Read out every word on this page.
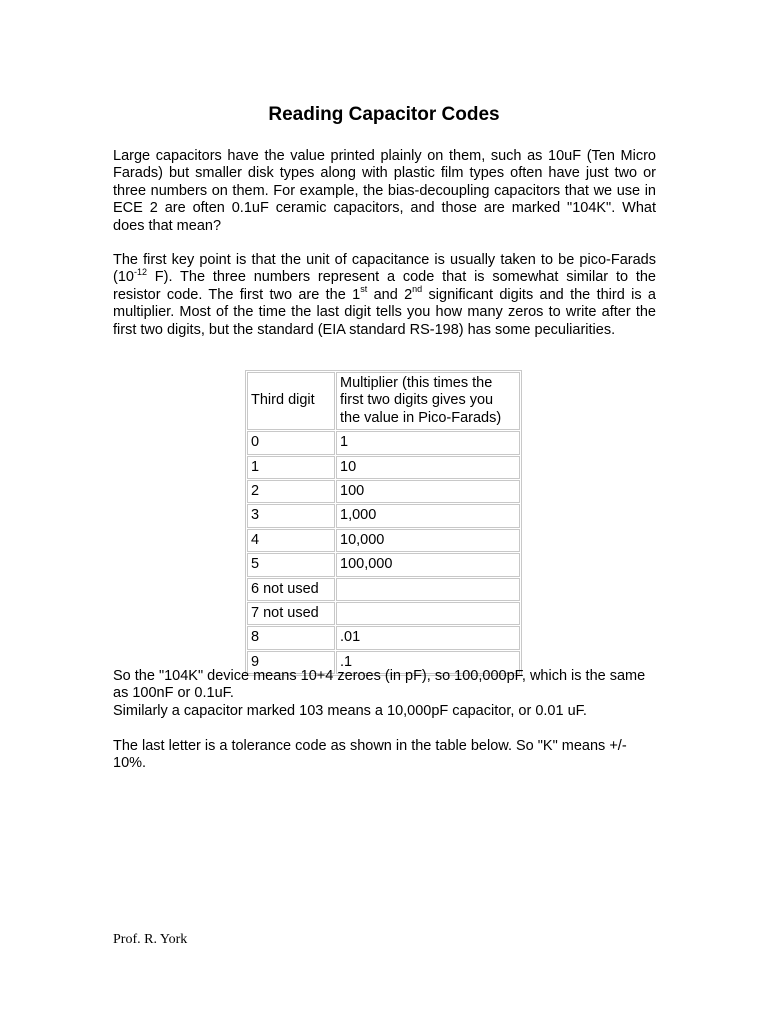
Reading Capacitor Codes

Large capacitors have the value printed plainly on them, such as 10uF (Ten Micro Farads) but smaller disk types along with plastic film types often have just two or three numbers on them. For example, the bias-decoupling capacitors that we use in ECE 2 are often 0.1uF ceramic capacitors, and those are marked "104K". What does that mean?

The first key point is that the unit of capacitance is usually taken to be pico-Farads ($10^{-12}$ F). The three numbers represent a code that is somewhat similar to the resistor code. The first two are the 1st and 2nd significant digits and the third is a multiplier. Most of the time the last digit tells you how many zeros to write after the first two digits, but the standard (EIA standard RS-198) has some peculiarities.

Third digit	Multiplier (this times the first two digits gives you the value in Pico-Farads)
0	1
1	10
2	100
3	1,000
4	10,000
5	100,000
6 not used	
7 not used	
8	.01
9	.1

So the "104K" device means 10+4 zeroes (in pF), so 100,000pF, which is the same as 100nF or 0.1uF.
Similarly a capacitor marked 103 means a 10,000pF capacitor, or 0.01 uF.

The last letter is a tolerance code as shown in the table below. So "K" means +/- 10%.

Prof. R. York
